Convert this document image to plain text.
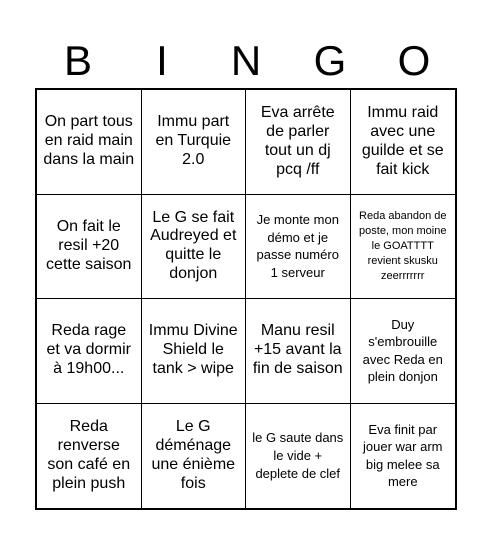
B	I	N	G	O
On part tous en raid main dans la main
Immu part en Turquie 2.0
Eva arrête de parler tout un dj pcq /ff
Immu raid avec une guilde et se fait kick
On fait le resil +20 cette saison
Le G se fait Audreyed et quitte le donjon
Je monte mon démo et je passe numéro 1 serveur
Reda abandon de poste, mon moine le GOATTTT revient skusku zeerrrrrrr
Reda rage et va dormir à 19h00...
Immu Divine Shield le tank > wipe
Manu resil +15 avant la fin de saison
Duy s'embrouille avec Reda en plein donjon
Reda renverse son café en plein push
Le G déménage une énième fois
le G saute dans le vide + deplete de clef
Eva finit par jouer war arm big melee sa mere
